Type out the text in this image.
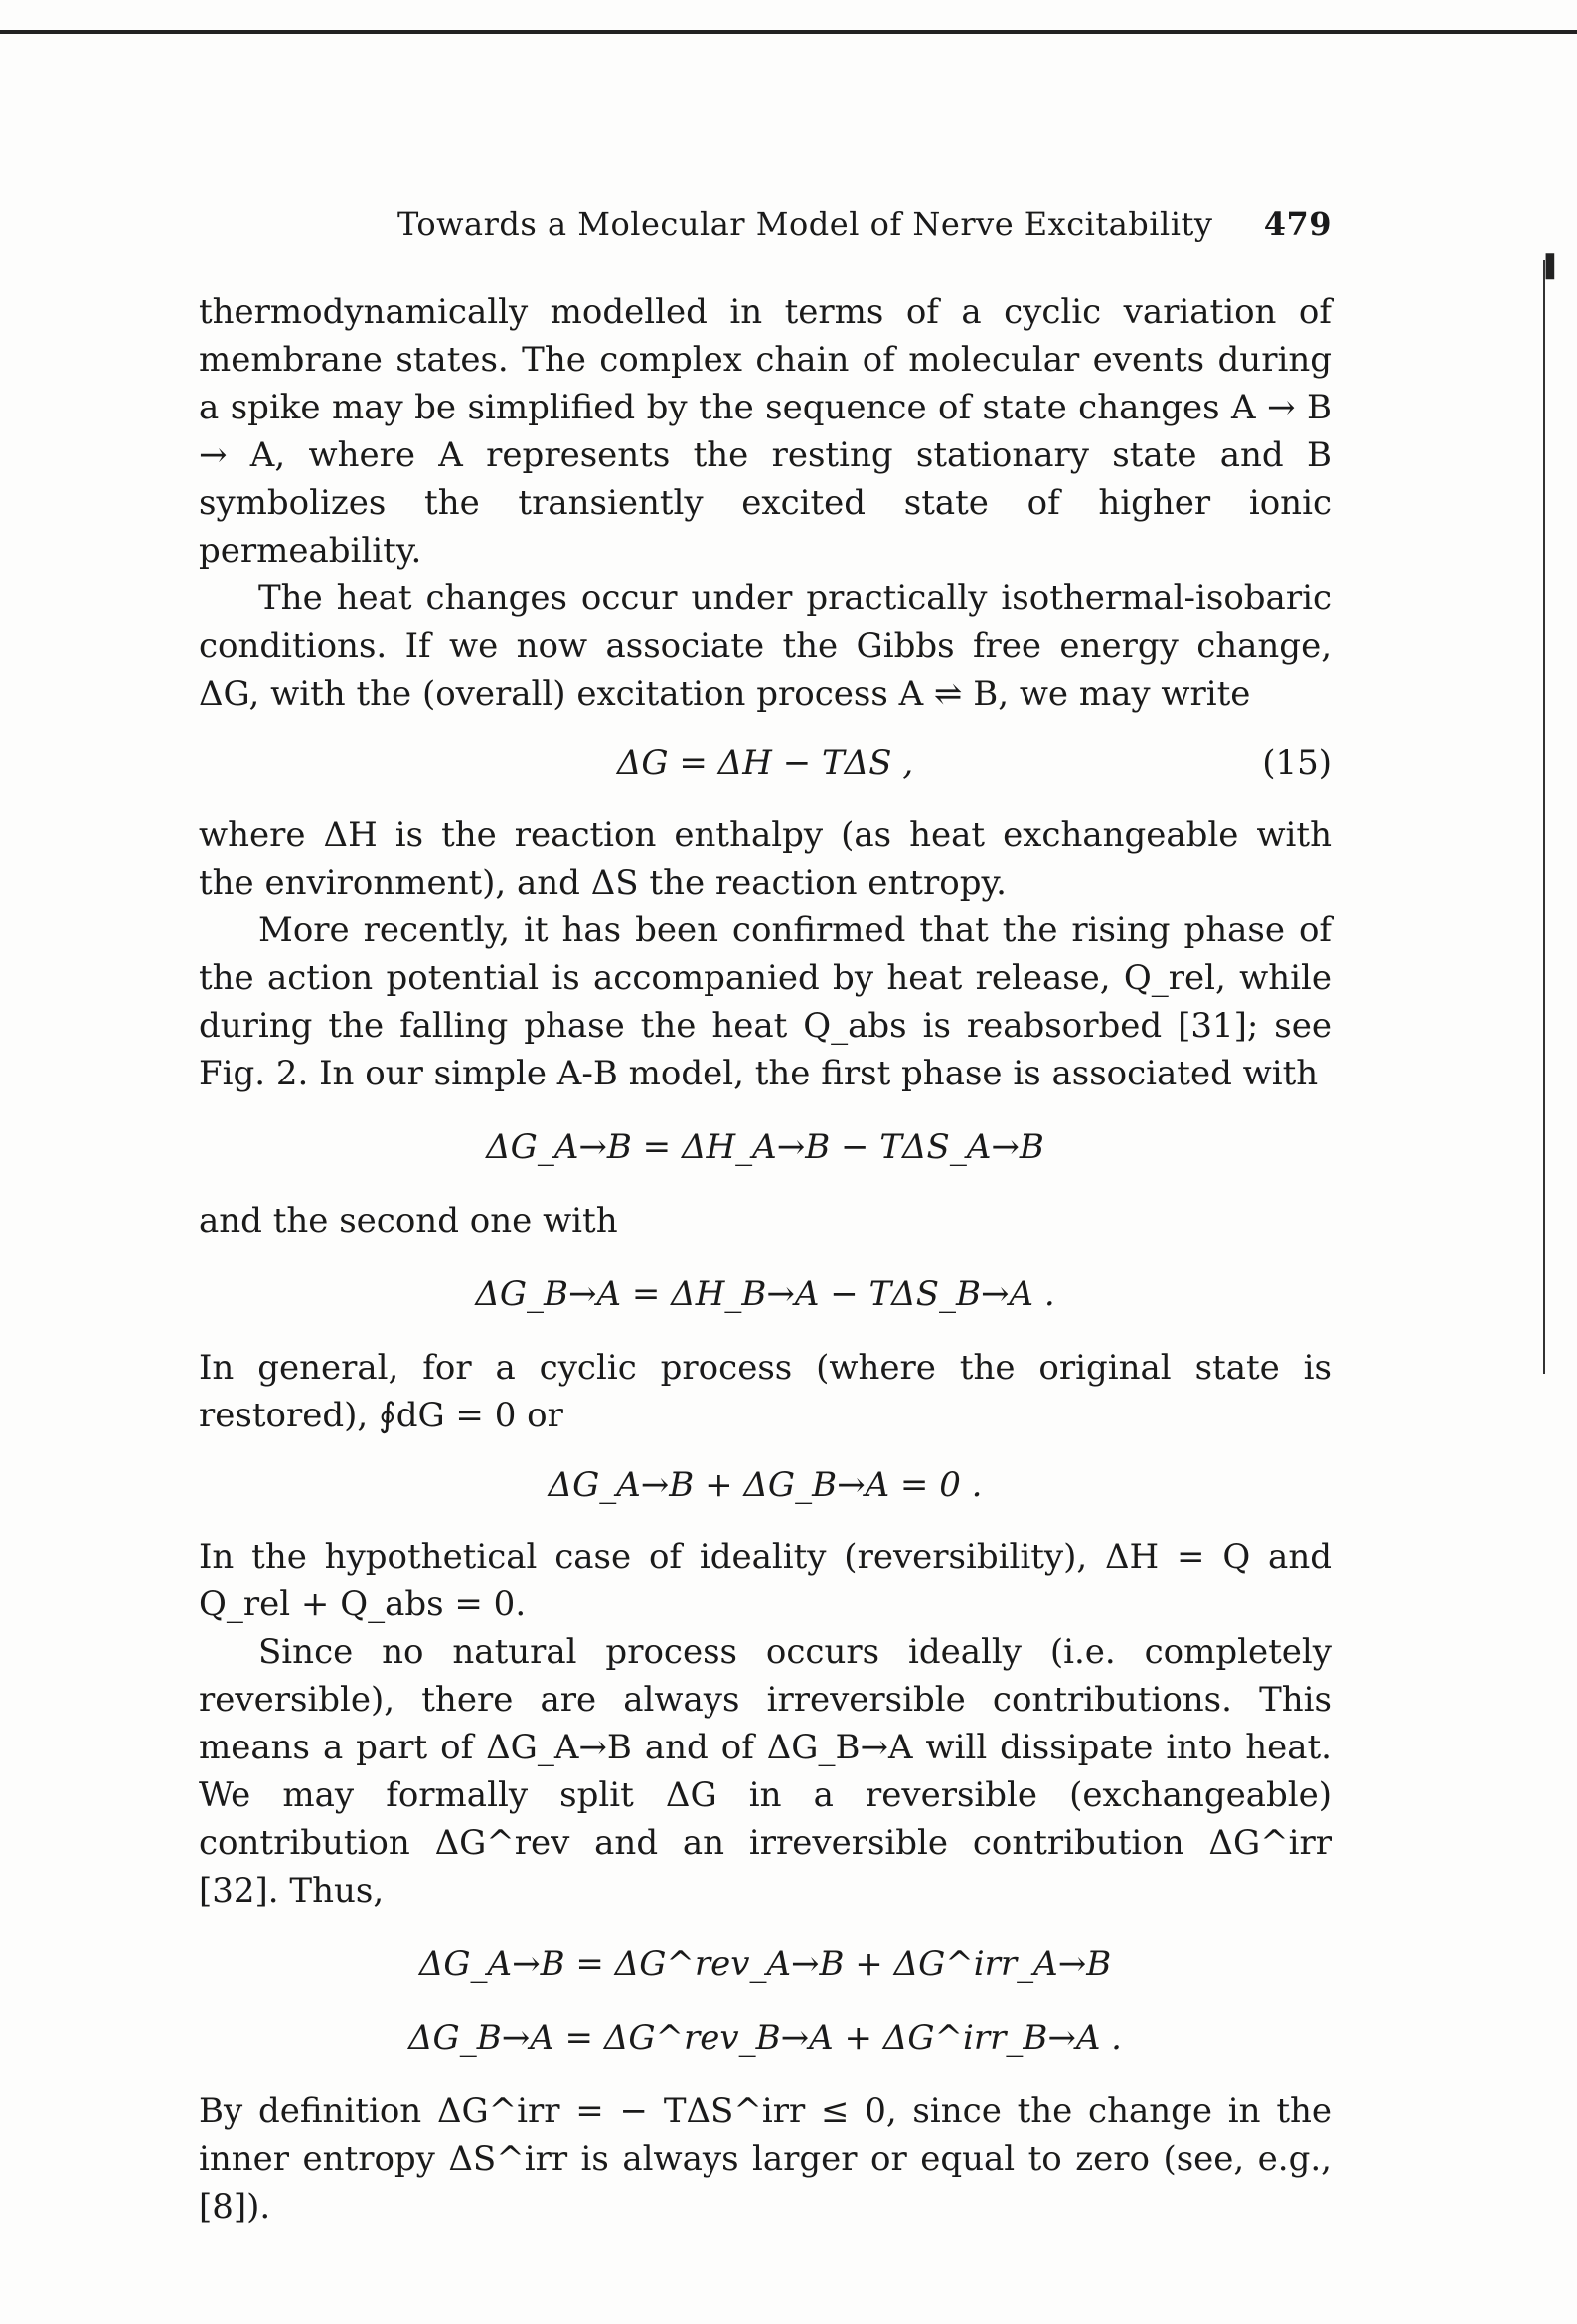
❚
Towards a Molecular Model of Nerve Excitability 479

thermodynamically modelled in terms of a cyclic variation of membrane states. The complex chain of molecular events during a spike may be simplified by the sequence of state changes A → B → A, where A represents the resting stationary state and B symbolizes the transiently excited state of higher ionic permeability.

The heat changes occur under practically isothermal-isobaric conditions. If we now associate the Gibbs free energy change, ΔG, with the (overall) excitation process A ⇌ B, we may write

ΔG = ΔH − TΔS ,	(15)

where ΔH is the reaction enthalpy (as heat exchangeable with the environment), and ΔS the reaction entropy.

More recently, it has been confirmed that the rising phase of the action potential is accompanied by heat release, Q_rel, while during the falling phase the heat Q_abs is reabsorbed [31]; see Fig. 2. In our simple A-B model, the first phase is associated with

ΔG_A→B = ΔH_A→B − TΔS_A→B

and the second one with

ΔG_B→A = ΔH_B→A − TΔS_B→A .

In general, for a cyclic process (where the original state is restored), ∮dG = 0 or

ΔG_A→B + ΔG_B→A = 0 .

In the hypothetical case of ideality (reversibility), ΔH = Q and Q_rel + Q_abs = 0.

Since no natural process occurs ideally (i.e. completely reversible), there are always irreversible contributions. This means a part of ΔG_A→B and of ΔG_B→A will dissipate into heat. We may formally split ΔG in a reversible (exchangeable) contribution ΔG^rev and an irreversible contribution ΔG^irr [32]. Thus,

ΔG_A→B = ΔG^rev_A→B + ΔG^irr_A→B
ΔG_B→A = ΔG^rev_B→A + ΔG^irr_B→A .

By definition ΔG^irr = − TΔS^irr ≤ 0, since the change in the inner entropy ΔS^irr is always larger or equal to zero (see, e.g., [8]).
